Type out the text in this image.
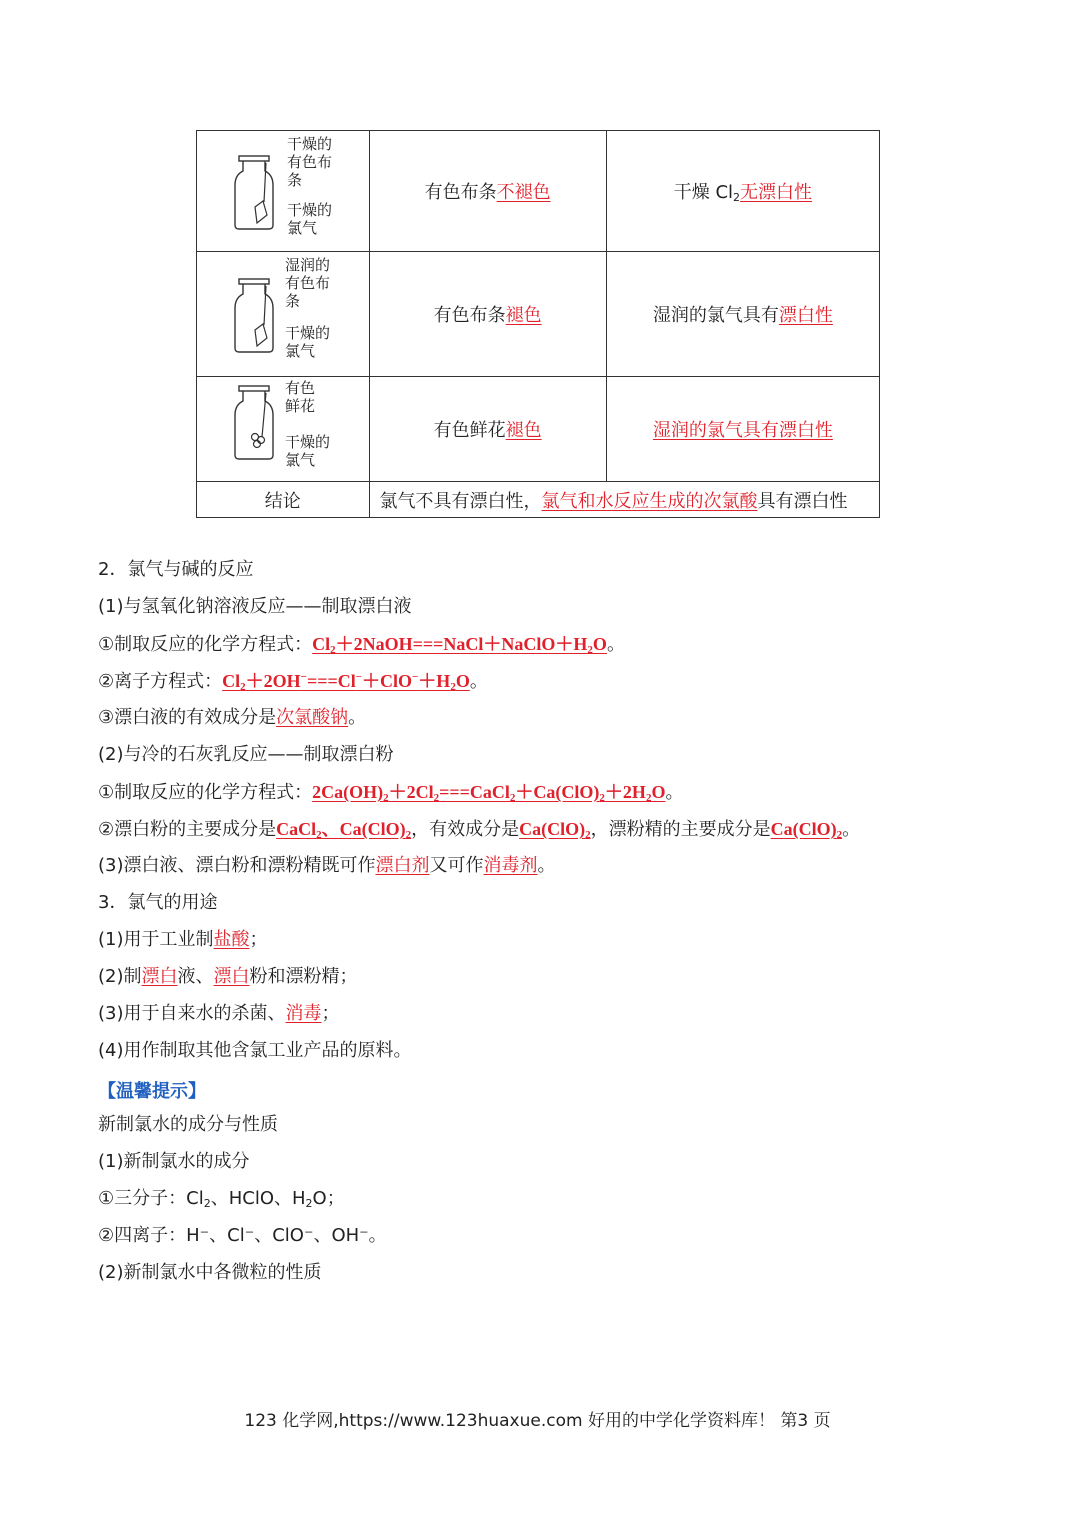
干燥的
有色布
条
干燥的
氯气	有色布条不褪色	干燥 $Cl_2$无漂白性

湿润的
有色布
条
干燥的
氯气	有色布条褪色	湿润的氯气具有漂白性

有色
鲜花
干燥的
氯气	有色鲜花褪色	湿润的氯气具有漂白性
结论	氯气不具有漂白性，氯气和水反应生成的次氯酸具有漂白性	
2．氯气与碱的反应
(1)与氢氧化钠溶液反应——制取漂白液
①制取反应的化学方程式：$Cl_2+2NaOH===NaCl+NaClO+H_2O$。
②离子方程式：$Cl_2+2OH^-===Cl^-+ClO^-+H_2O$。
③漂白液的有效成分是次氯酸钠。
(2)与冷的石灰乳反应——制取漂白粉
①制取反应的化学方程式：$2Ca(OH)_2+2Cl_2===CaCl_2+Ca(ClO)_2+2H_2O$。
②漂白粉的主要成分是CaCl$_2$、$Ca(ClO)_2$，有效成分是$Ca(ClO)_2$，漂粉精的主要成分是$Ca(ClO)_2$。
(3)漂白液、漂白粉和漂粉精既可作漂白剂又可作消毒剂。
3．氯气的用途
(1)用于工业制盐酸；
(2)制漂白液、漂白粉和漂粉精；
(3)用于自来水的杀菌、消毒；
(4)用作制取其他含氯工业产品的原料。
【温馨提示】
新制氯水的成分与性质
(1)新制氯水的成分
①三分子：$Cl_2$、HClO、$H_2O$；
②四离子：H⁻、Cl⁻、ClO⁻、OH⁻。
(2)新制氯水中各微粒的性质
123 化学网,https://www.123huaxue.com 好用的中学化学资料库！ 第3 页
